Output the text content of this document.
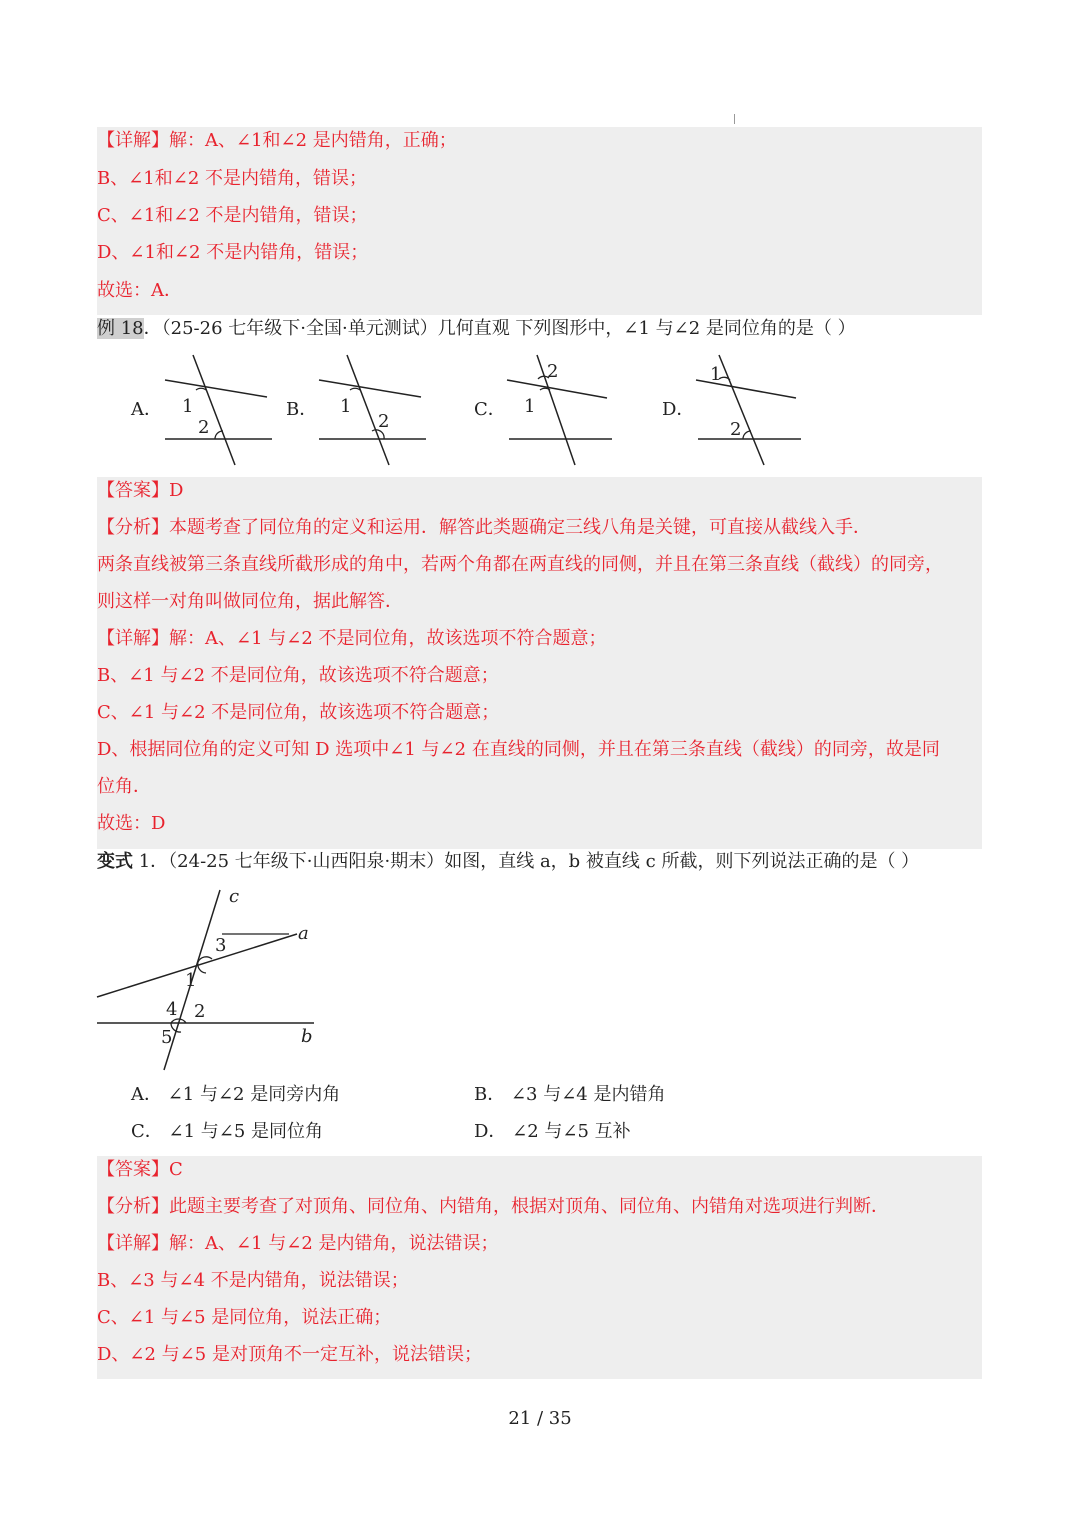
【详解】解：A、∠1和∠2 是内错角，正确；
B、∠1和∠2 不是内错角，错误；
C、∠1和∠2 不是内错角，错误；
D、∠1和∠2 不是内错角，错误；
故选：A．
例 18．（25-26 七年级下·全国·单元测试）几何直观 下列图形中，∠1 与∠2 是同位角的是（ ）
A． 1
2
B． 1
2
C．
2
1	D．
1
2
【答案】D
【分析】本题考查了同位角的定义和运用．解答此类题确定三线八角是关键，可直接从截线入手．
两条直线被第三条直线所截形成的角中，若两个角都在两直线的同侧，并且在第三条直线（截线）的同旁，
则这样一对角叫做同位角，据此解答．
【详解】解：A、∠1 与∠2 不是同位角，故该选项不符合题意；
B、∠1 与∠2 不是同位角，故该选项不符合题意；
C、∠1 与∠2 不是同位角，故该选项不符合题意；
D、根据同位角的定义可知 D 选项中∠1 与∠2 在直线的同侧，并且在第三条直线（截线）的同旁，故是同
位角．
故选：D
变式 1．（24-25 七年级下·山西阳泉·期末）如图，直线 a，b 被直线 c 所截，则下列说法正确的是（ ）
c
a
b
3
1
4 2
5
A． ∠1 与∠2 是同旁内角	B． ∠3 与∠4 是内错角
C． ∠1 与∠5 是同位角	D． ∠2 与∠5 互补
【答案】C
【分析】此题主要考查了对顶角、同位角、内错角，根据对顶角、同位角、内错角对选项进行判断．
【详解】解：A、∠1 与∠2 是内错角，说法错误；
B、∠3 与∠4 不是内错角，说法错误；
C、∠1 与∠5 是同位角，说法正确；
D、∠2 与∠5 是对顶角不一定互补，说法错误；
21 / 35
